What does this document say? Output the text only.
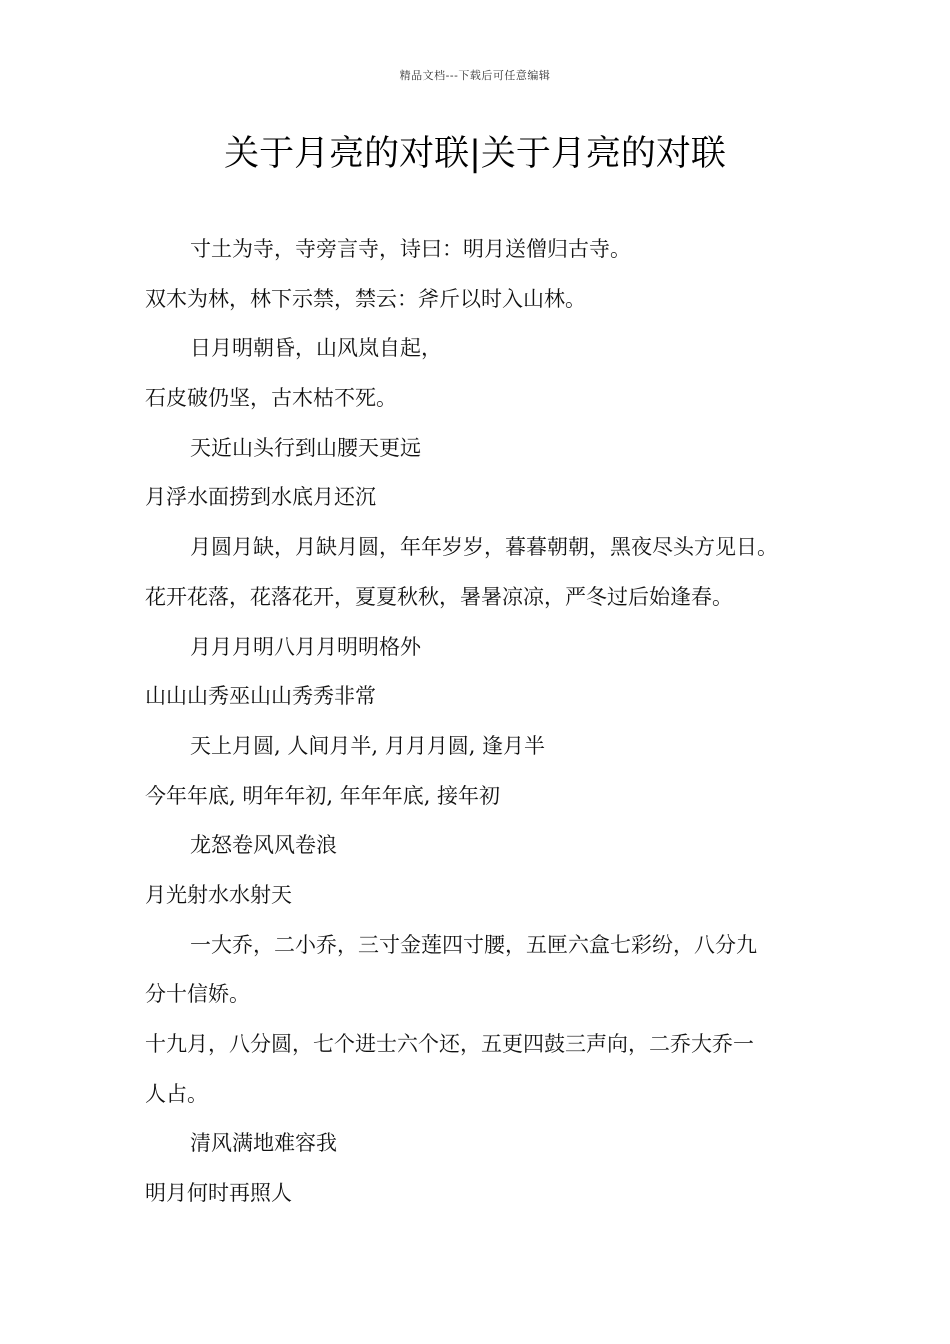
精品文档---下载后可任意编辑
关于月亮的对联|关于月亮的对联

寸土为寺，寺旁言寺，诗曰：明月送僧归古寺。

双木为林，林下示禁，禁云：斧斤以时入山林。

日月明朝昏，山风岚自起，

石皮破仍坚，古木枯不死。

天近山头行到山腰天更远

月浮水面捞到水底月还沉

月圆月缺，月缺月圆，年年岁岁，暮暮朝朝，黑夜尽头方见日。

花开花落，花落花开，夏夏秋秋，暑暑凉凉，严冬过后始逢春。

月月月明八月月明明格外

山山山秀巫山山秀秀非常

天上月圆, 人间月半, 月月月圆, 逢月半

今年年底, 明年年初, 年年年底, 接年初

龙怒卷风风卷浪

月光射水水射天

一大乔，二小乔，三寸金莲四寸腰，五匣六盒七彩纷，八分九

分十信娇。

十九月，八分圆，七个进士六个还，五更四鼓三声向，二乔大乔一

人占。

清风满地难容我

明月何时再照人
